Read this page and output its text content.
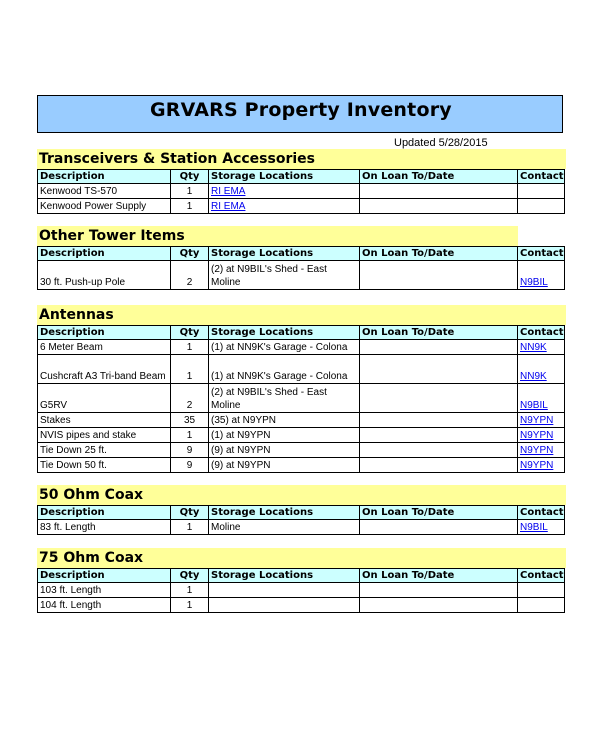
GRVARS Property Inventory
Updated 5/28/2015
Transceivers & Station Accessories
Description	Qty	Storage Locations	On Loan To/Date	Contact
Kenwood TS-570	1	RI EMA		
Kenwood Power Supply	1	RI EMA		
Other Tower Items
Description	Qty	Storage Locations	On Loan To/Date	Contact
30 ft. Push-up Pole	2	(2) at N9BIL's Shed - East Moline		N9BIL
Antennas
Description	Qty	Storage Locations	On Loan To/Date	Contact
6 Meter Beam	1	(1) at NN9K's Garage - Colona		NN9K
Cushcraft A3 Tri-band Beam	1	(1) at NN9K's Garage - Colona		NN9K
G5RV	2	(2) at N9BIL's Shed - East Moline		N9BIL
Stakes	35	(35) at N9YPN		N9YPN
NVIS pipes and stake	1	(1) at N9YPN		N9YPN
Tie Down 25 ft.	9	(9) at N9YPN		N9YPN
Tie Down 50 ft.	9	(9) at N9YPN		N9YPN
50 Ohm Coax
Description	Qty	Storage Locations	On Loan To/Date	Contact
83 ft. Length	1	Moline		N9BIL
75 Ohm Coax
Description	Qty	Storage Locations	On Loan To/Date	Contact
103 ft. Length	1			
104 ft. Length	1			
